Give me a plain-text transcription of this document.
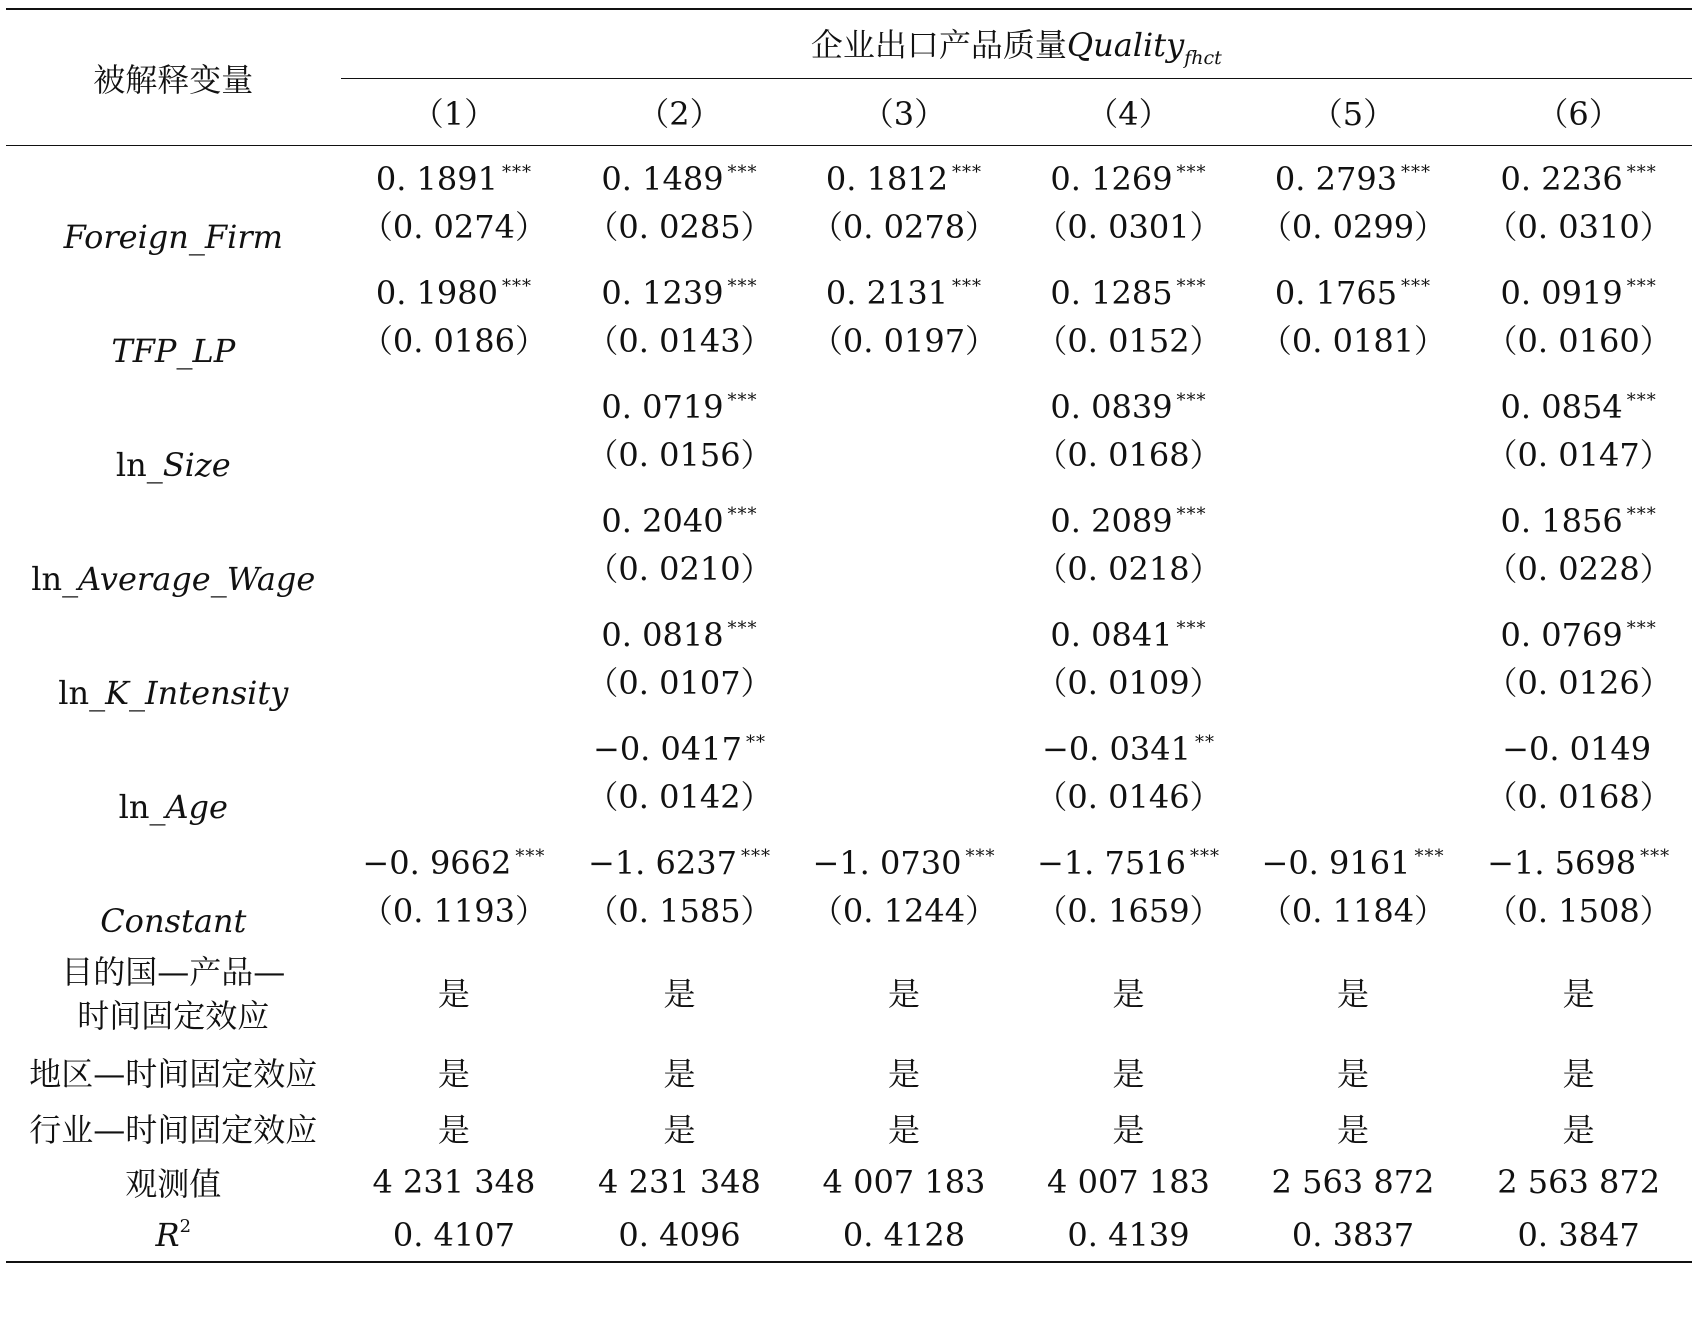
被解释变量	企业出口产品质量Quality$_{fhct}$
	（1）	（2）	（3）	（4）	（5）	（6）
Foreign_Firm	0. 1891 ***	0. 1489 ***	0. 1812 ***	0. 1269 ***	0. 2793 ***	0. 2236 ***
	（0. 0274）	（0. 0285）	（0. 0278）	（0. 0301）	（0. 0299）	（0. 0310）
TFP_LP	0. 1980 ***	0. 1239 ***	0. 2131 ***	0. 1285 ***	0. 1765 ***	0. 0919 ***
	（0. 0186）	（0. 0143）	（0. 0197）	（0. 0152）	（0. 0181）	（0. 0160）
ln_Size		0. 0719 ***		0. 0839 ***		0. 0854 ***
		（0. 0156）		（0. 0168）		（0. 0147）
ln_Average_Wage		0. 2040 ***		0. 2089 ***		0. 1856 ***
		（0. 0210）		（0. 0218）		（0. 0228）
ln_K_Intensity		0. 0818 ***		0. 0841 ***		0. 0769 ***
		（0. 0107）		（0. 0109）		（0. 0126）
ln_Age		−0. 0417 **		−0. 0341 **		−0. 0149
		（0. 0142）		（0. 0146）		（0. 0168）
Constant	−0. 9662 ***	−1. 6237 ***	−1. 0730 ***	−1. 7516 ***	−0. 9161 ***	−1. 5698 ***
	（0. 1193）	（0. 1585）	（0. 1244）	（0. 1659）	（0. 1184）	（0. 1508）
目的国—产品—
时间固定效应	是	是	是	是	是	是
地区—时间固定效应	是	是	是	是	是	是
行业—时间固定效应	是	是	是	是	是	是
观测值	4 231 348	4 231 348	4 007 183	4 007 183	2 563 872	2 563 872
$R^2$	0. 4107	0. 4096	0. 4128	0. 4139	0. 3837	0. 3847
